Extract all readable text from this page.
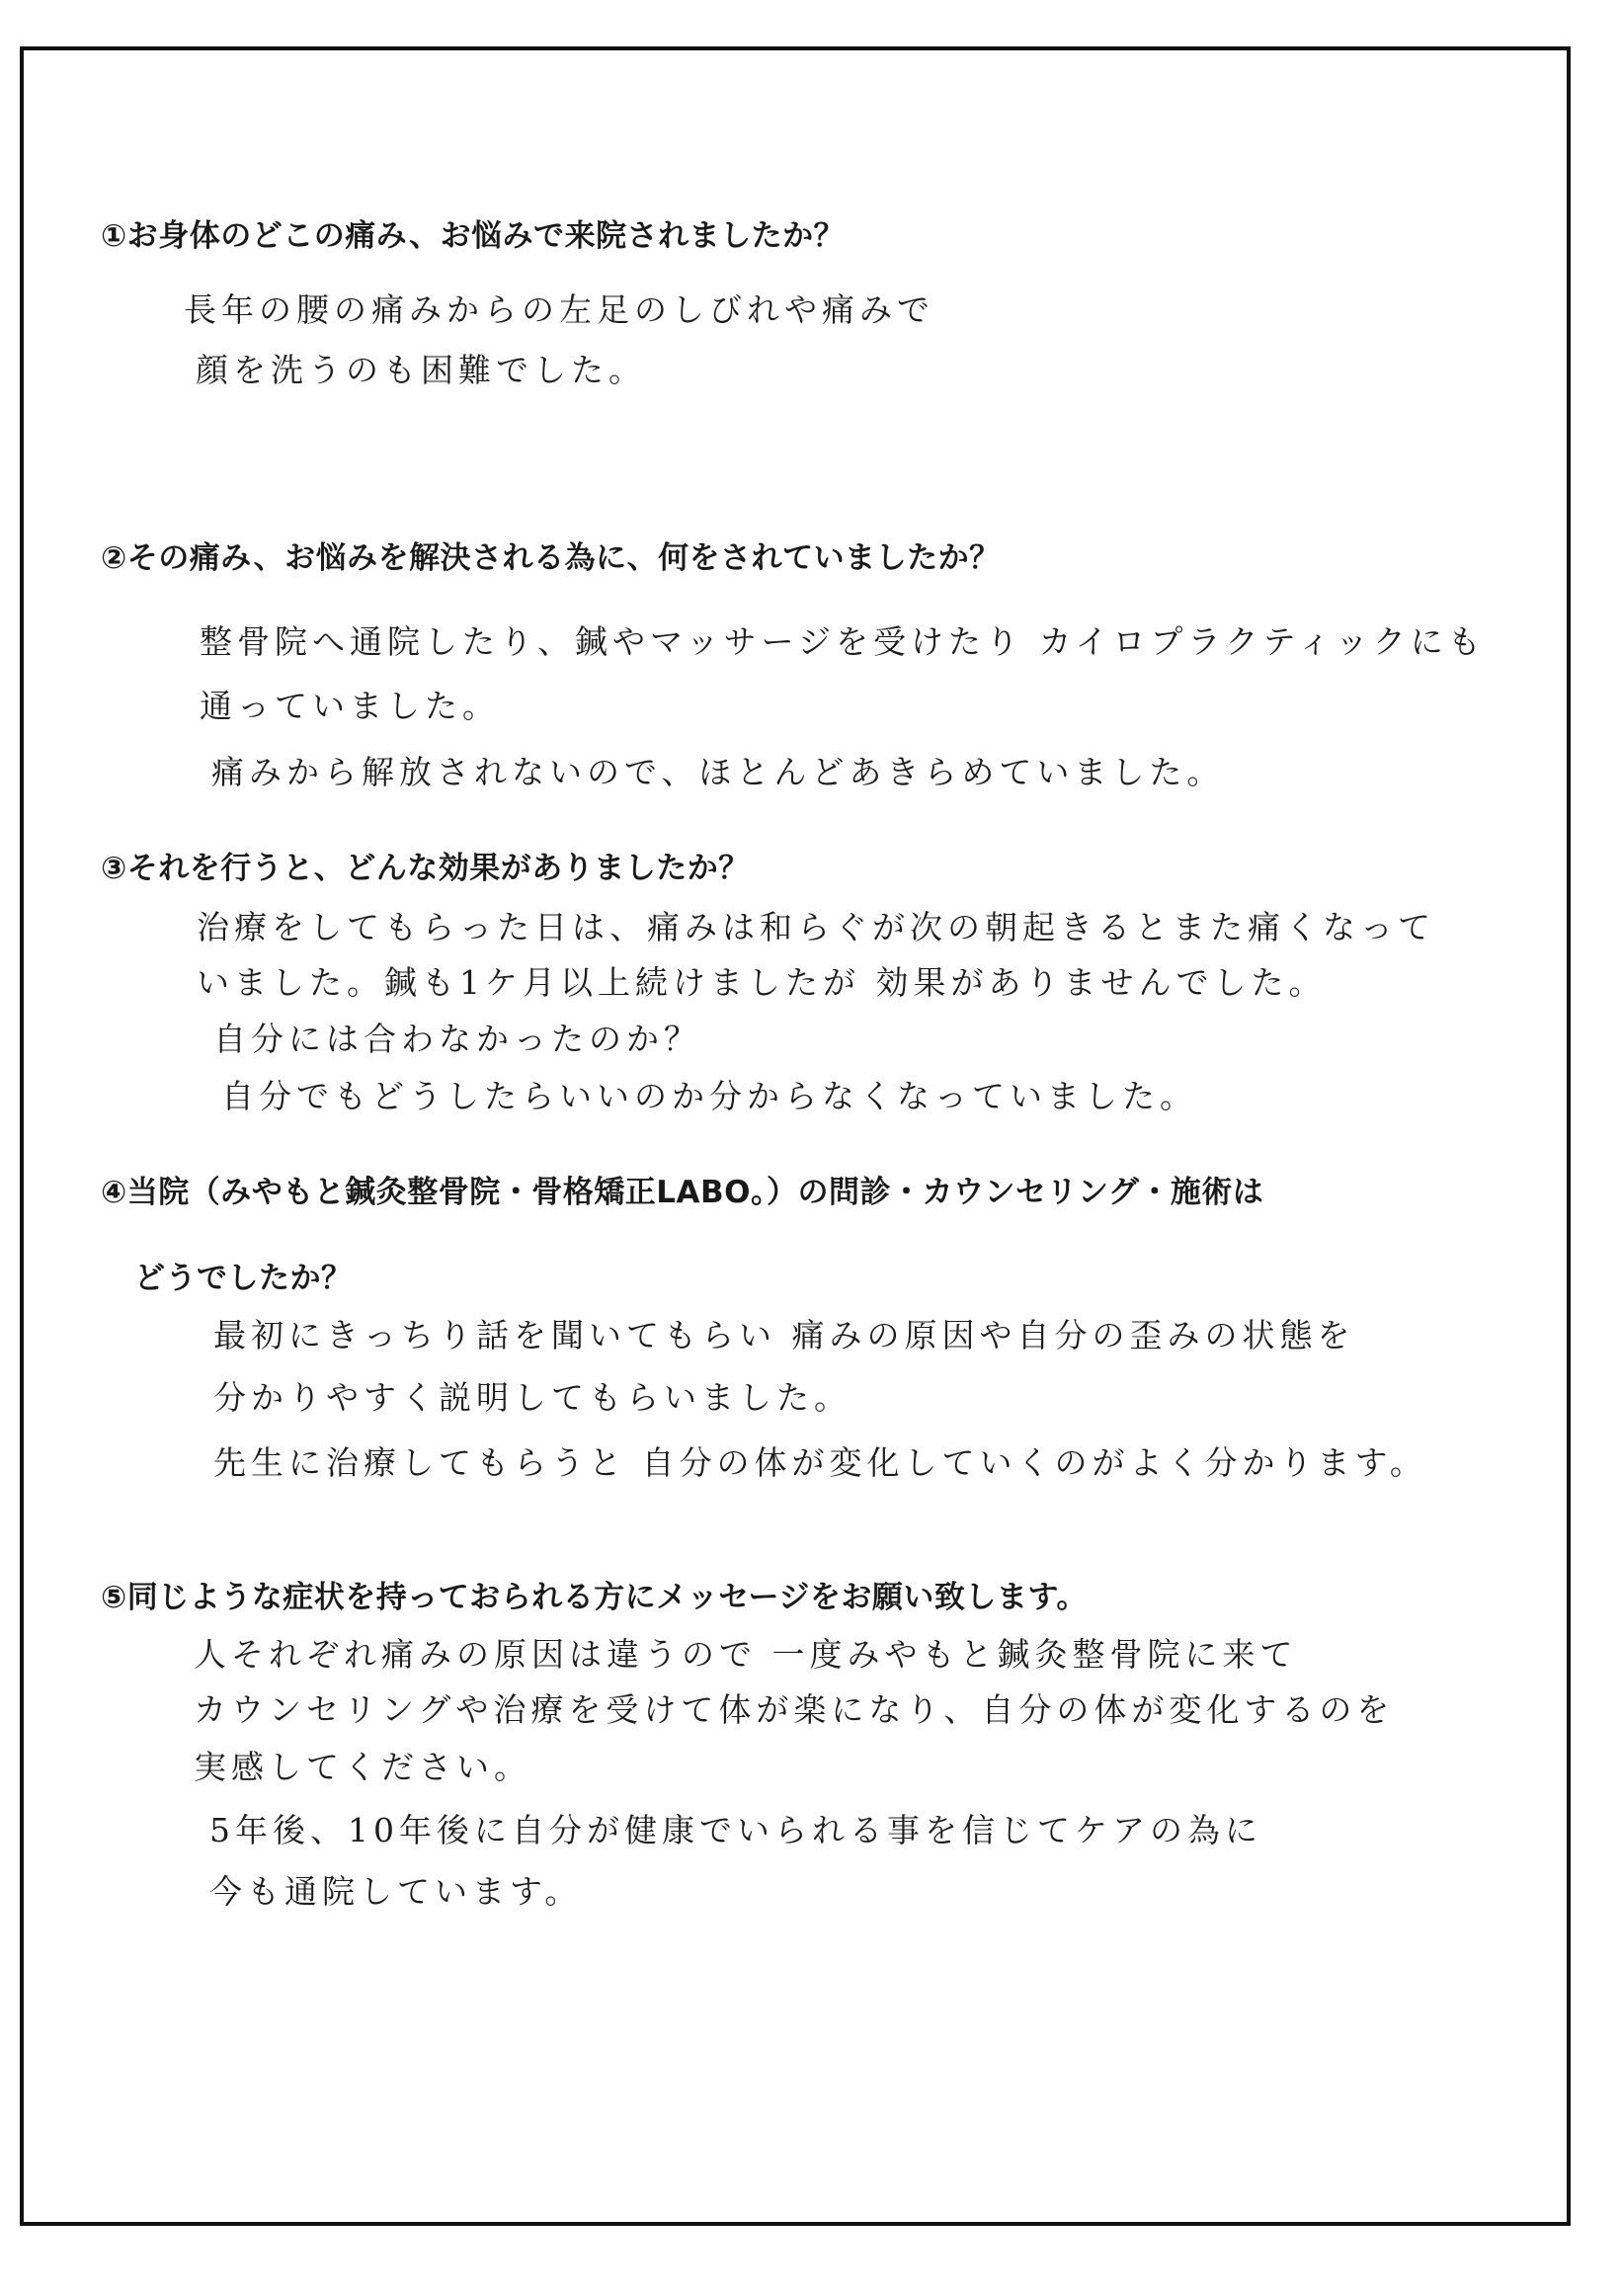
①お身体のどこの痛み、お悩みで来院されましたか？
長年の腰の痛みからの左足のしびれや痛みで
顔を洗うのも困難でした。
②その痛み、お悩みを解決される為に、何をされていましたか？
整骨院へ通院したり、鍼やマッサージを受けたり カイロプラクティックにも
通っていました。
痛みから解放されないので、ほとんどあきらめていました。
③それを行うと、どんな効果がありましたか？
治療をしてもらった日は、痛みは和らぐが次の朝起きるとまた痛くなって
いました。鍼も1ケ月以上続けましたが 効果がありませんでした。
自分には合わなかったのか？
自分でもどうしたらいいのか分からなくなっていました。
④当院（みやもと鍼灸整骨院・骨格矯正LABO。）の問診・カウンセリング・施術は
どうでしたか？
最初にきっちり話を聞いてもらい 痛みの原因や自分の歪みの状態を
分かりやすく説明してもらいました。
先生に治療してもらうと 自分の体が変化していくのがよく分かります。
⑤同じような症状を持っておられる方にメッセージをお願い致します。
人それぞれ痛みの原因は違うので 一度みやもと鍼灸整骨院に来て
カウンセリングや治療を受けて体が楽になり、自分の体が変化するのを
実感してください。
5年後、10年後に自分が健康でいられる事を信じてケアの為に
今も通院しています。
